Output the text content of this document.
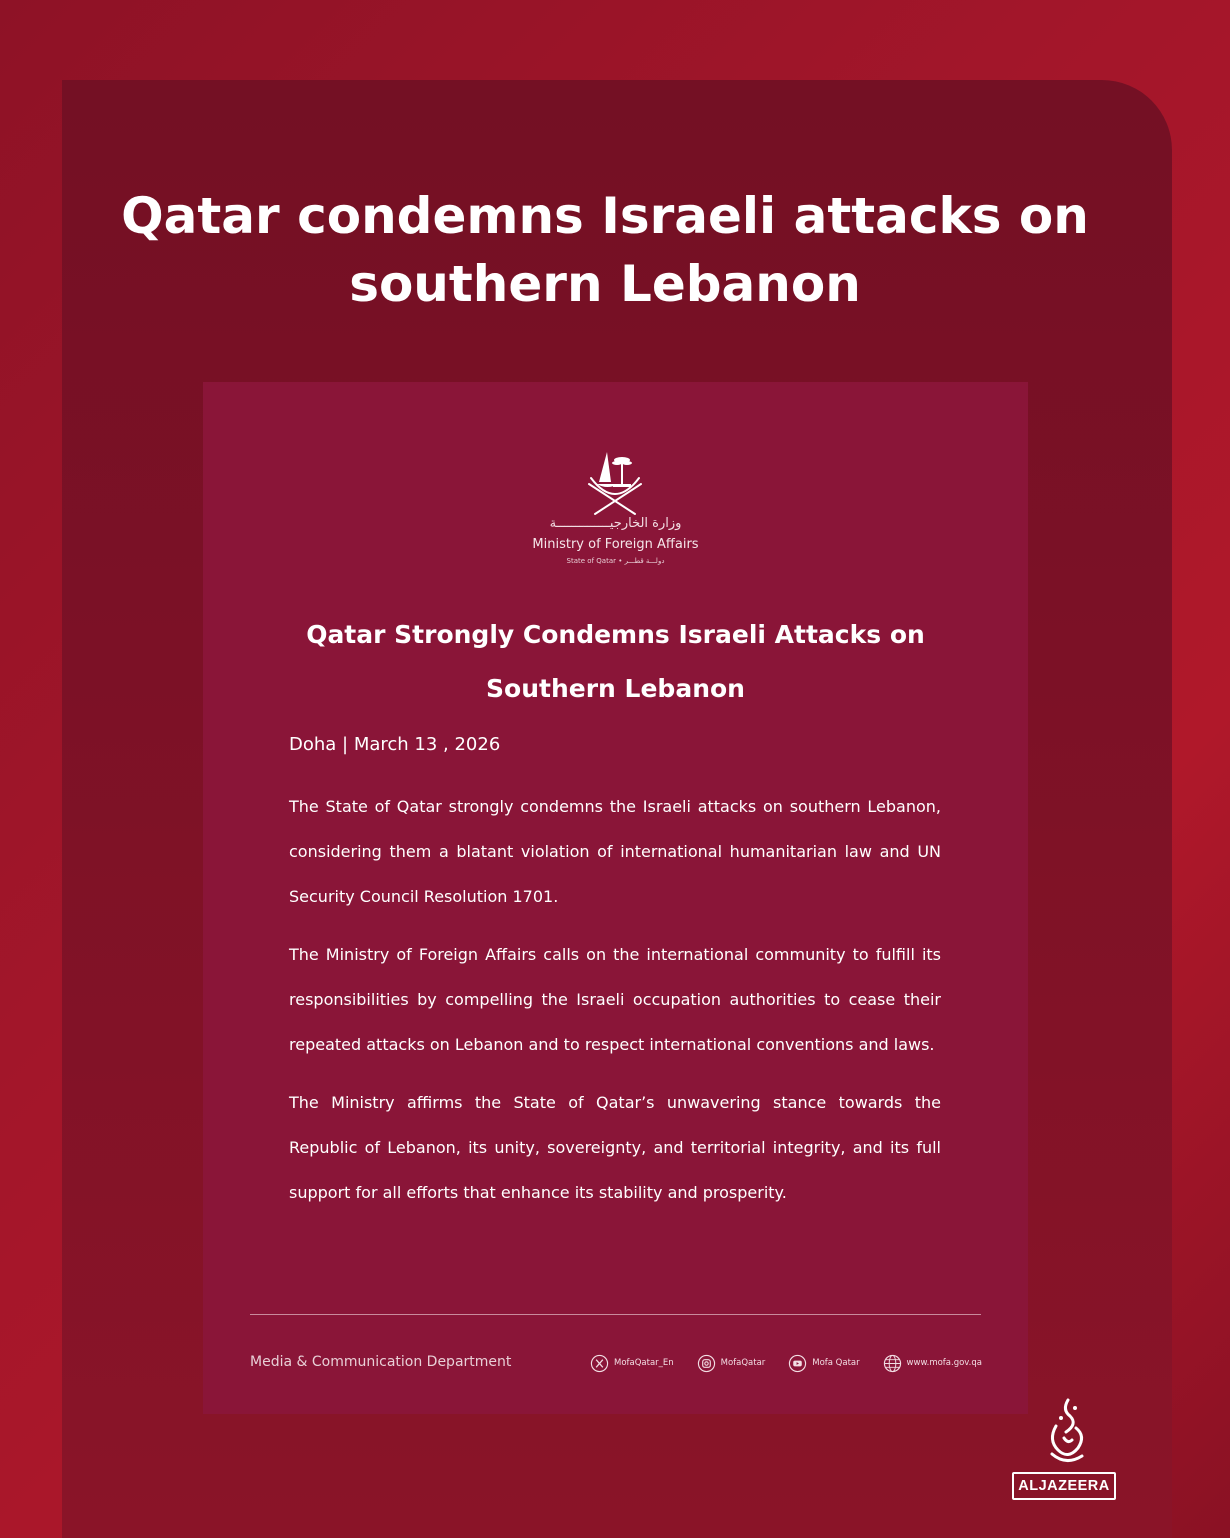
Qatar condemns Israeli attacks on southern Lebanon
وزارة الخارجيــــــــــــــة
Ministry of Foreign Affairs
State of Qatar • دولـــة قطـــر
Qatar Strongly Condemns Israeli Attacks on Southern Lebanon
Doha | March 13 , 2026

The State of Qatar strongly condemns the Israeli attacks on southern Lebanon, considering them a blatant violation of international humanitarian law and UN Security Council Resolution 1701.

The Ministry of Foreign Affairs calls on the international community to fulfill its responsibilities by compelling the Israeli occupation authorities to cease their repeated attacks on Lebanon and to respect international conventions and laws.

The Ministry affirms the State of Qatar’s unwavering stance towards the Republic of Lebanon, its unity, sovereignty, and territorial integrity, and its full support for all efforts that enhance its stability and prosperity.

Media & Communication Department	MofaQatar_En	MofaQatar	Mofa Qatar	www.mofa.gov.qa
ALJAZEERA
